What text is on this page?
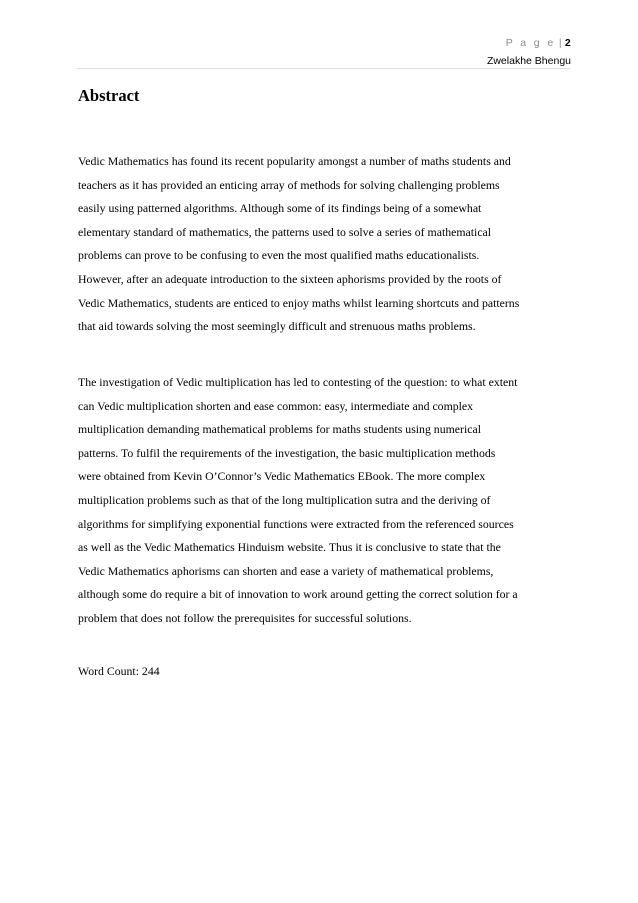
P a g e | 2
Zwelakhe Bhengu
Abstract

Vedic Mathematics has found its recent popularity amongst a number of maths students and
teachers as it has provided an enticing array of methods for solving challenging problems
easily using patterned algorithms. Although some of its findings being of a somewhat
elementary standard of mathematics, the patterns used to solve a series of mathematical
problems can prove to be confusing to even the most qualified maths educationalists.
However, after an adequate introduction to the sixteen aphorisms provided by the roots of
Vedic Mathematics, students are enticed to enjoy maths whilst learning shortcuts and patterns
that aid towards solving the most seemingly difficult and strenuous maths problems.

The investigation of Vedic multiplication has led to contesting of the question: to what extent
can Vedic multiplication shorten and ease common: easy, intermediate and complex
multiplication demanding mathematical problems for maths students using numerical
patterns. To fulfil the requirements of the investigation, the basic multiplication methods
were obtained from Kevin O’Connor’s Vedic Mathematics EBook. The more complex
multiplication problems such as that of the long multiplication sutra and the deriving of
algorithms for simplifying exponential functions were extracted from the referenced sources
as well as the Vedic Mathematics Hinduism website. Thus it is conclusive to state that the
Vedic Mathematics aphorisms can shorten and ease a variety of mathematical problems,
although some do require a bit of innovation to work around getting the correct solution for a
problem that does not follow the prerequisites for successful solutions.

Word Count: 244
